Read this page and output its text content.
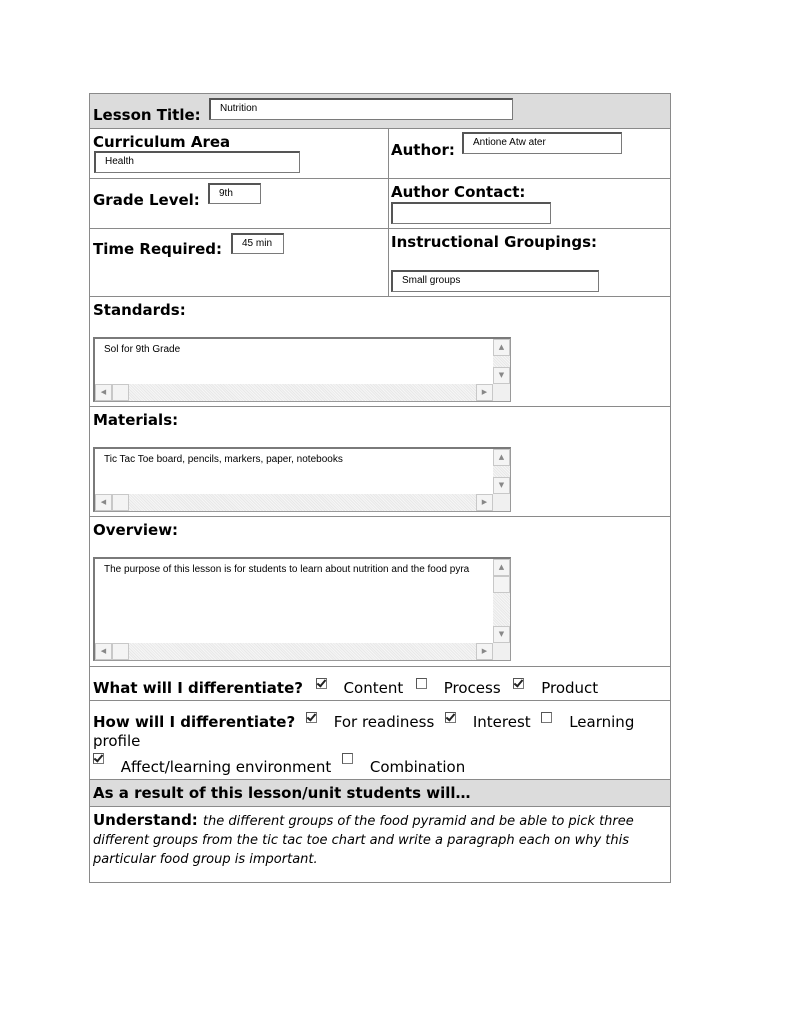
Lesson Title:	Nutrition
Curriculum Area
Health
Author:	Antione Atw ater
Grade Level:	9th	Author Contact:
Time Required:	45 min	Instructional Groupings:
Small groups
Standards:
Sol for 9th Grade	▲
▼
◀	▶
Materials:
Tic Tac Toe board, pencils, markers, paper, notebooks	▲
▼
◀	▶
Overview:
The purpose of this lesson is for students to learn about nutrition and the food pyra	▲
▼
◀	▶
What will I differentiate?	Content	Process	Product
How will I differentiate?	For readiness	Interest	Learning
profile
Affect/learning environment	Combination
As a result of this lesson/unit students will…
Understand: the different groups of the food pyramid and be able to pick three
different groups from the tic tac toe chart and write a paragraph each on why this
particular food group is important.
